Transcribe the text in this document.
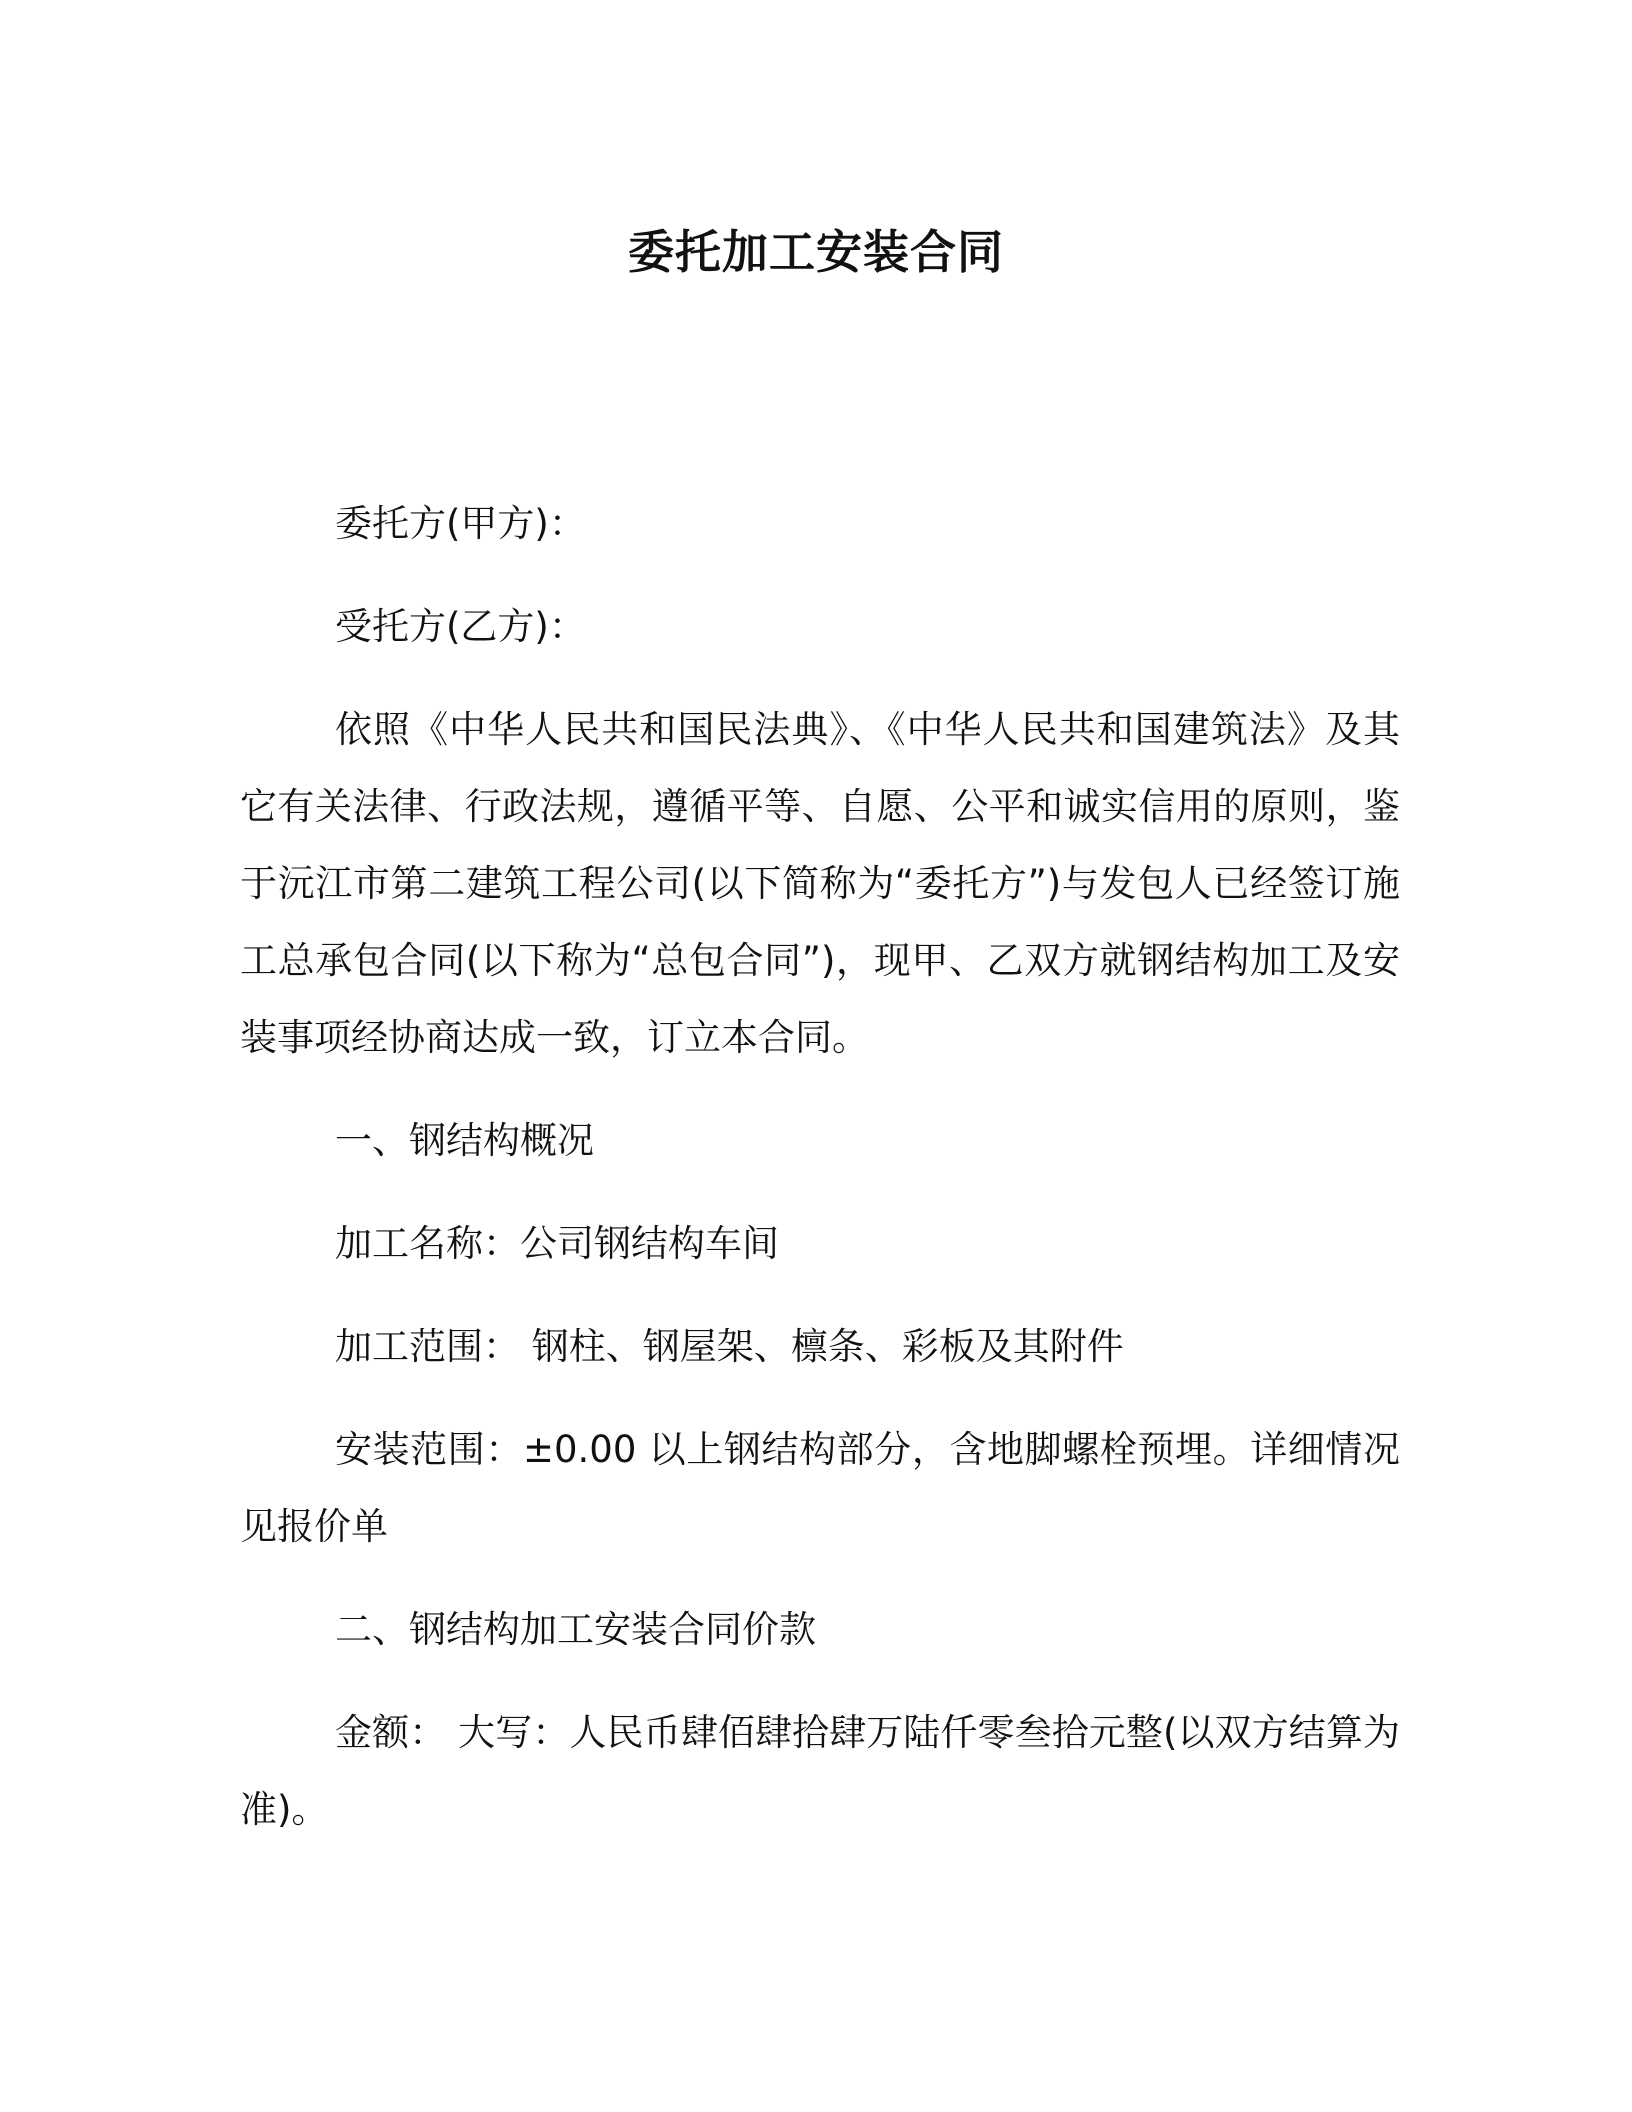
委托加工安装合同

委托方(甲方)：

受托方(乙方)：

依照《中华人民共和国民法典》、《中华人民共和国建筑法》及其它有关法律、行政法规，遵循平等、自愿、公平和诚实信用的原则，鉴于沅江市第二建筑工程公司(以下简称为“委托方”)与发包人已经签订施工总承包合同(以下称为“总包合同”)，现甲、乙双方就钢结构加工及安装事项经协商达成一致，订立本合同。

一、钢结构概况

加工名称：公司钢结构车间

加工范围： 钢柱、钢屋架、檩条、彩板及其附件

安装范围：±0.00 以上钢结构部分，含地脚螺栓预埋。详细情况见报价单

二、钢结构加工安装合同价款

金额： 大写：人民币肆佰肆拾肆万陆仟零叁拾元整(以双方结算为准)。
